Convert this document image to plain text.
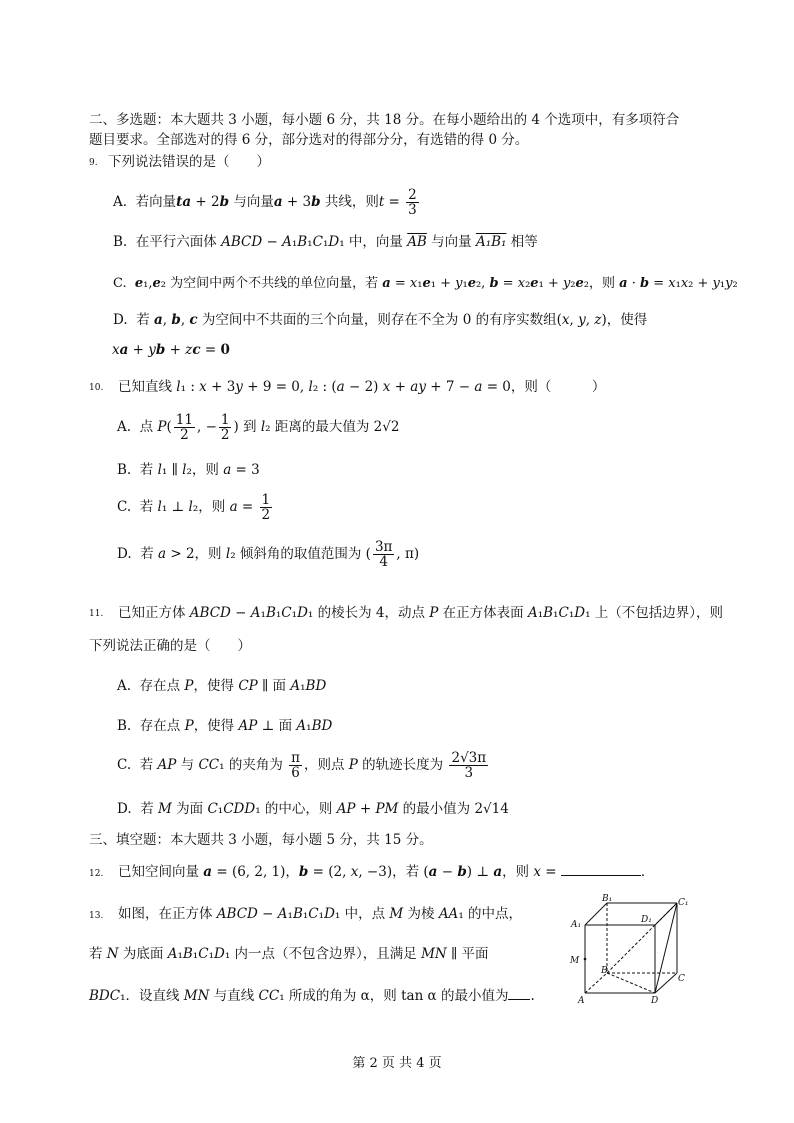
二、多选题：本大题共 3 小题，每小题 6 分，共 18 分。在每小题给出的 4 个选项中，有多项符合
题目要求。全部选对的得 6 分，部分选对的得部分分，有选错的得 0 分。
9. 下列说法错误的是（　　）
A.  若向量ta + 2b 与向量a + 3b 共线，则$t = \frac{2}{3}$
B.  在平行六面体 ABCD − A₁B₁C₁D₁ 中，向量 $\overline{AB}$ 与向量 A₁B₁ 相等
C.  e₁,e₂ 为空间中两个不共线的单位向量，若 a = x₁e₁ + y₁e₂, b = x₂e₁ + y₂e₂，则 a · b = x₁x₂ + y₁y₂
D.  若 a, b, c 为空间中不共面的三个向量，则存在不全为 0 的有序实数组(x, y, z)，使得
xa + yb + zc = 0
10. 已知直线 l₁ : x + 3y + 9 = 0, l₂ : (a − 2) x + ay + 7 − a = 0，则（　　　）
A.  点 $P( \frac{11}{2}$ , − $\frac{1}{2}$ ) 到 l₂ 距离的最大值为 2√2
B.  若 l₁ ∥ l₂，则 a = 3
C.  若 l₁ ⊥ l₂，则 $a = \frac{1}{2}$
D.  若 a > 2，则 l₂ 倾斜角的取值范围为 ( $\frac{3\pi}{4}$ , π)
11. 已知正方体 ABCD − A₁B₁C₁D₁ 的棱长为 4，动点 P 在正方体表面 A₁B₁C₁D₁ 上（不包括边界），则
下列说法正确的是（　　）
A.  存在点 P，使得 CP ∥ 面 A₁BD
B.  存在点 P，使得 AP ⊥ 面 A₁BD
C.  若 AP 与 CC₁ 的夹角为 $\frac{\pi}{6}$ ，则点 P 的轨迹长度为 $\frac{2√3\pi}{3}$
D.  若 M 为面 C₁CDD₁ 的中心，则 AP + PM 的最小值为 2√14
三、填空题：本大题共 3 小题，每小题 5 分，共 15 分。
12. 已知空间向量 a = (6, 2, 1)，b = (2, x, −3)，若 (a − b) ⊥ a，则 x =	．
13. 如图，在正方体 ABCD − A₁B₁C₁D₁ 中，点 M 为棱 AA₁ 的中点，
若 N 为底面 A₁B₁C₁D₁ 内一点（不包含边界），且满足 MN ∥ 平面
BDC₁．设直线 MN 与直线 CC₁ 所成的角为 α，则 tan α 的最小值为 .
B₁	C₁
D₁
A₁
M
B
C
A	D
第 2 页 共 4 页
